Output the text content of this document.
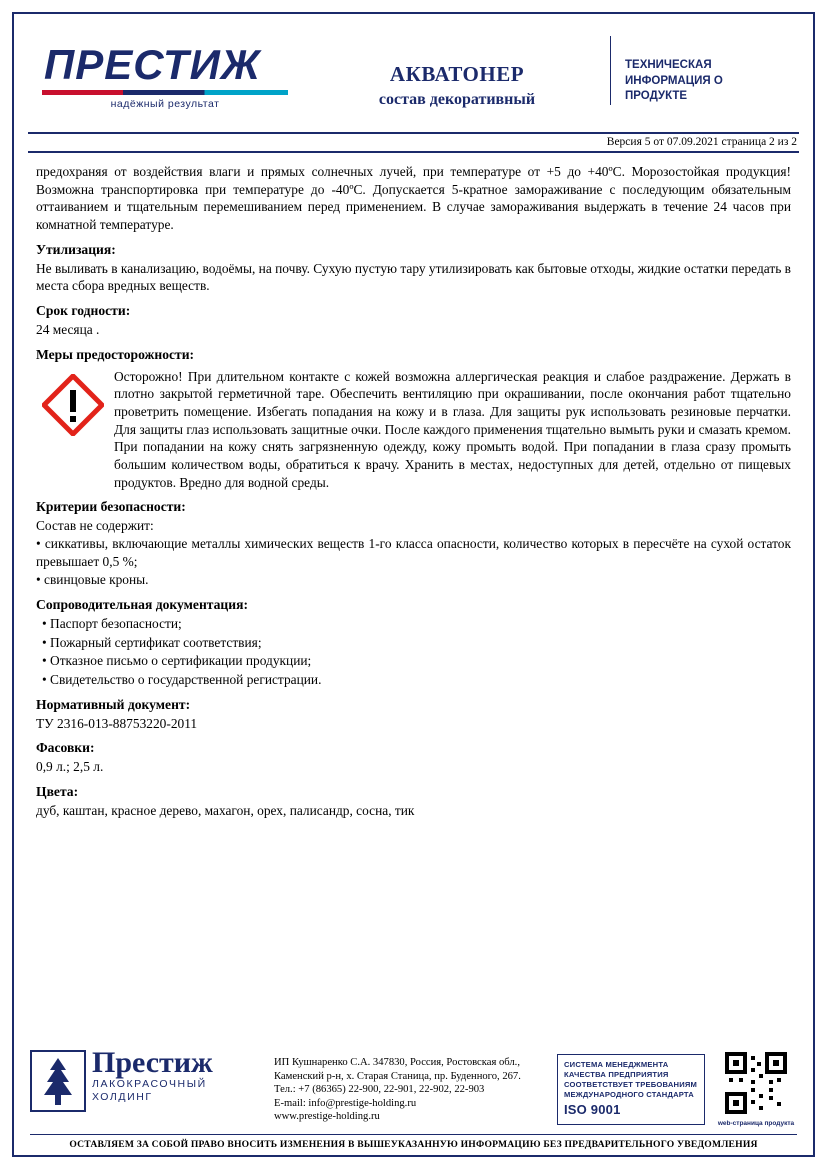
ПРЕСТИЖ
надёжный результат
АКВАТОНЕР
состав декоративный
ТЕХНИЧЕСКАЯ ИНФОРМАЦИЯ О ПРОДУКТЕ
Версия 5 от 07.09.2021 страница 2 из 2

предохраняя от воздействия влаги и прямых солнечных лучей, при температуре от +5 до +40ºС. Морозостойкая продукция! Возможна транспортировка при температуре до -40ºС. Допускается 5-кратное замораживание с последующим обязательным оттаиванием и тщательным перемешиванием перед применением. В случае замораживания выдержать в течение 24 часов при комнатной температуре.

Утилизация:

Не выливать в канализацию, водоёмы, на почву. Сухую пустую тару утилизировать как бытовые отходы, жидкие остатки передать в места сбора вредных веществ.

Срок годности:

24 месяца .

Меры предосторожности:
Осторожно! При длительном контакте с кожей возможна аллергическая реакция и слабое раздражение. Держать в плотно закрытой герметичной таре. Обеспечить вентиляцию при окрашивании, после окончания работ тщательно проветрить помещение. Избегать попадания на кожу и в глаза. Для защиты рук использовать резиновые перчатки. Для защиты глаз использовать защитные очки. После каждого применения тщательно вымыть руки и смазать кремом. При попадании на кожу снять загрязненную одежду, кожу промыть водой. При попадании в глаза сразу промыть большим количеством воды, обратиться к врачу. Хранить в местах, недоступных для детей, отдельно от пищевых продуктов. Вредно для водной среды.
Критерии безопасности:

Состав не содержит:

• сиккативы, включающие металлы химических веществ 1-го класса опасности, количество которых в пересчёте на сухой остаток превышает 0,5 %;
• свинцовые кроны.
Сопроводительная документация:
• Паспорт безопасности;
• Пожарный сертификат соответствия;
• Отказное письмо о сертификации продукции;
• Свидетельство о государственной регистрации.
Нормативный документ:

ТУ 2316-013-88753220-2011

Фасовки:

0,9 л.; 2,5 л.

Цвета:

дуб, каштан, красное дерево, махагон, орех, палисандр, сосна, тик

Престиж
ЛАКОКРАСОЧНЫЙ
ХОЛДИНГ
ИП Кушнаренко С.А. 347830, Россия, Ростовская обл.,
Каменский р-н, х. Старая Станица, пр. Буденного, 267.
Тел.: +7 (86365) 22-900, 22-901, 22-902, 22-903
E-mail: info@prestige-holding.ru
www.prestige-holding.ru
СИСТЕМА МЕНЕДЖМЕНТА КАЧЕСТВА ПРЕДПРИЯТИЯ СООТВЕТСТВУЕТ ТРЕБОВАНИЯМ МЕЖДУНАРОДНОГО СТАНДАРТА
ISO 9001
web-страница продукта
ОСТАВЛЯЕМ ЗА СОБОЙ ПРАВО ВНОСИТЬ ИЗМЕНЕНИЯ В ВЫШЕУКАЗАННУЮ ИНФОРМАЦИЮ БЕЗ ПРЕДВАРИТЕЛЬНОГО УВЕДОМЛЕНИЯ
